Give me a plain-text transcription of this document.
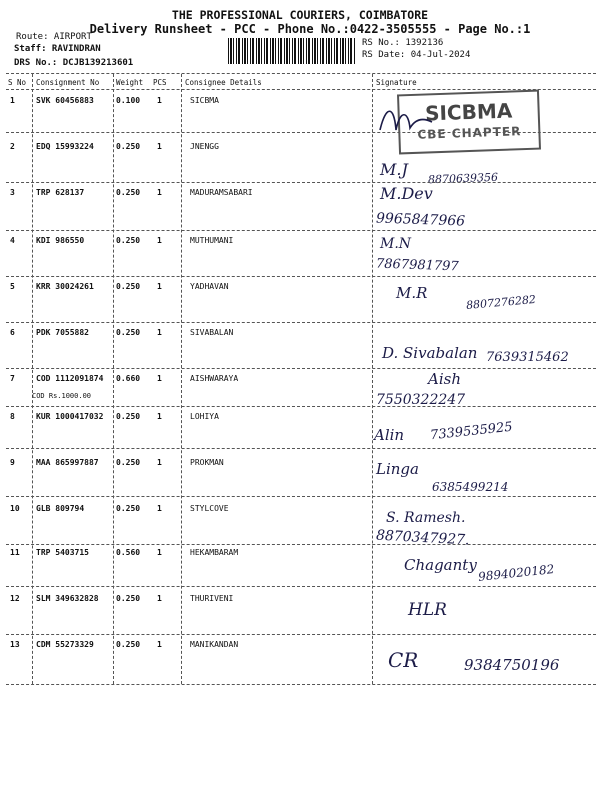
THE PROFESSIONAL COURIERS, COIMBATORE
Delivery Runsheet - PCC - Phone No.:0422-3505555 - Page No.:1
Route: AIRPORT
Staff: RAVINDRAN
DRS No.: DCJB139213601
RS No.: 1392136
RS Date: 04-Jul-2024
S No Consignment No Weight PCS Consignee Details	Signature
1	SVK 60456883	0.100 1	SICBMA	SICBMA
CBE CHAPTER
2	EDQ 15993224	0.250 1	JNENGG
M.J 8870639356
3	TRP 628137	0.250 1	MADURAMSABARI	M.Dev
9965847966
4	KDI 986550	0.250 1	MUTHUMANI	M.N
7867981797
5	KRR 30024261	0.250 1	YADHAVAN	M.R	8807276282
6	PDK 7055882	0.250 1	SIVABALAN
D. Sivabalan 7639315462
7	COD 1112091874 0.660 1	AISHWARAYA
COD Rs.1000.00
Aish
7550322247
8	KUR 1000417032 0.250 1	LOHIYA
Alin 7339535925
9	MAA 865997887 0.250 1	PROKMAN	Linga
6385499214
10 GLB 809794	0.250 1	STYLCOVE
S. Ramesh.
8870347927.
11 TRP 5403715	0.560 1	HEKAMBARAM
Chaganty 9894020182
12 SLM 349632828 0.250 1	THURIVENI
HLR
13 CDM 55273329	0.250 1	MANIKANDAN
CR	9384750196
